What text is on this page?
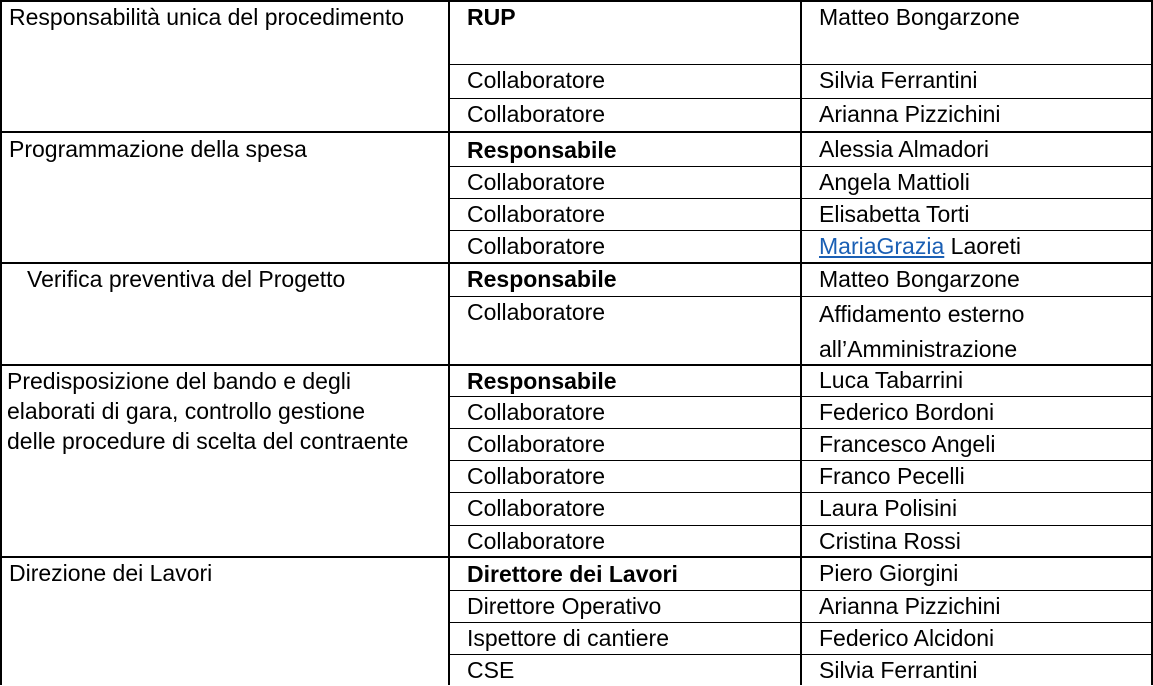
Responsabilità unica del procedimento	RUP	Matteo Bongarzone
Collaboratore	Silvia Ferrantini
Collaboratore	Arianna Pizzichini
Programmazione della spesa	Responsabile	Alessia Almadori
Collaboratore	Angela Mattioli
Collaboratore	Elisabetta Torti
Collaboratore	MariaGrazia Laoreti
Verifica preventiva del Progetto	Responsabile	Matteo Bongarzone
Collaboratore	Affidamento esterno
all’Amministrazione
Predisposizione del bando e degli elaborati di gara, controllo gestione delle procedure di scelta del contraente
Responsabile	Luca Tabarrini
Collaboratore	Federico Bordoni
Collaboratore	Francesco Angeli
Collaboratore	Franco Pecelli
Collaboratore	Laura Polisini
Collaboratore	Cristina Rossi
Direzione dei Lavori	Direttore dei Lavori	Piero Giorgini
Direttore Operativo	Arianna Pizzichini
Ispettore di cantiere	Federico Alcidoni
CSE	Silvia Ferrantini
